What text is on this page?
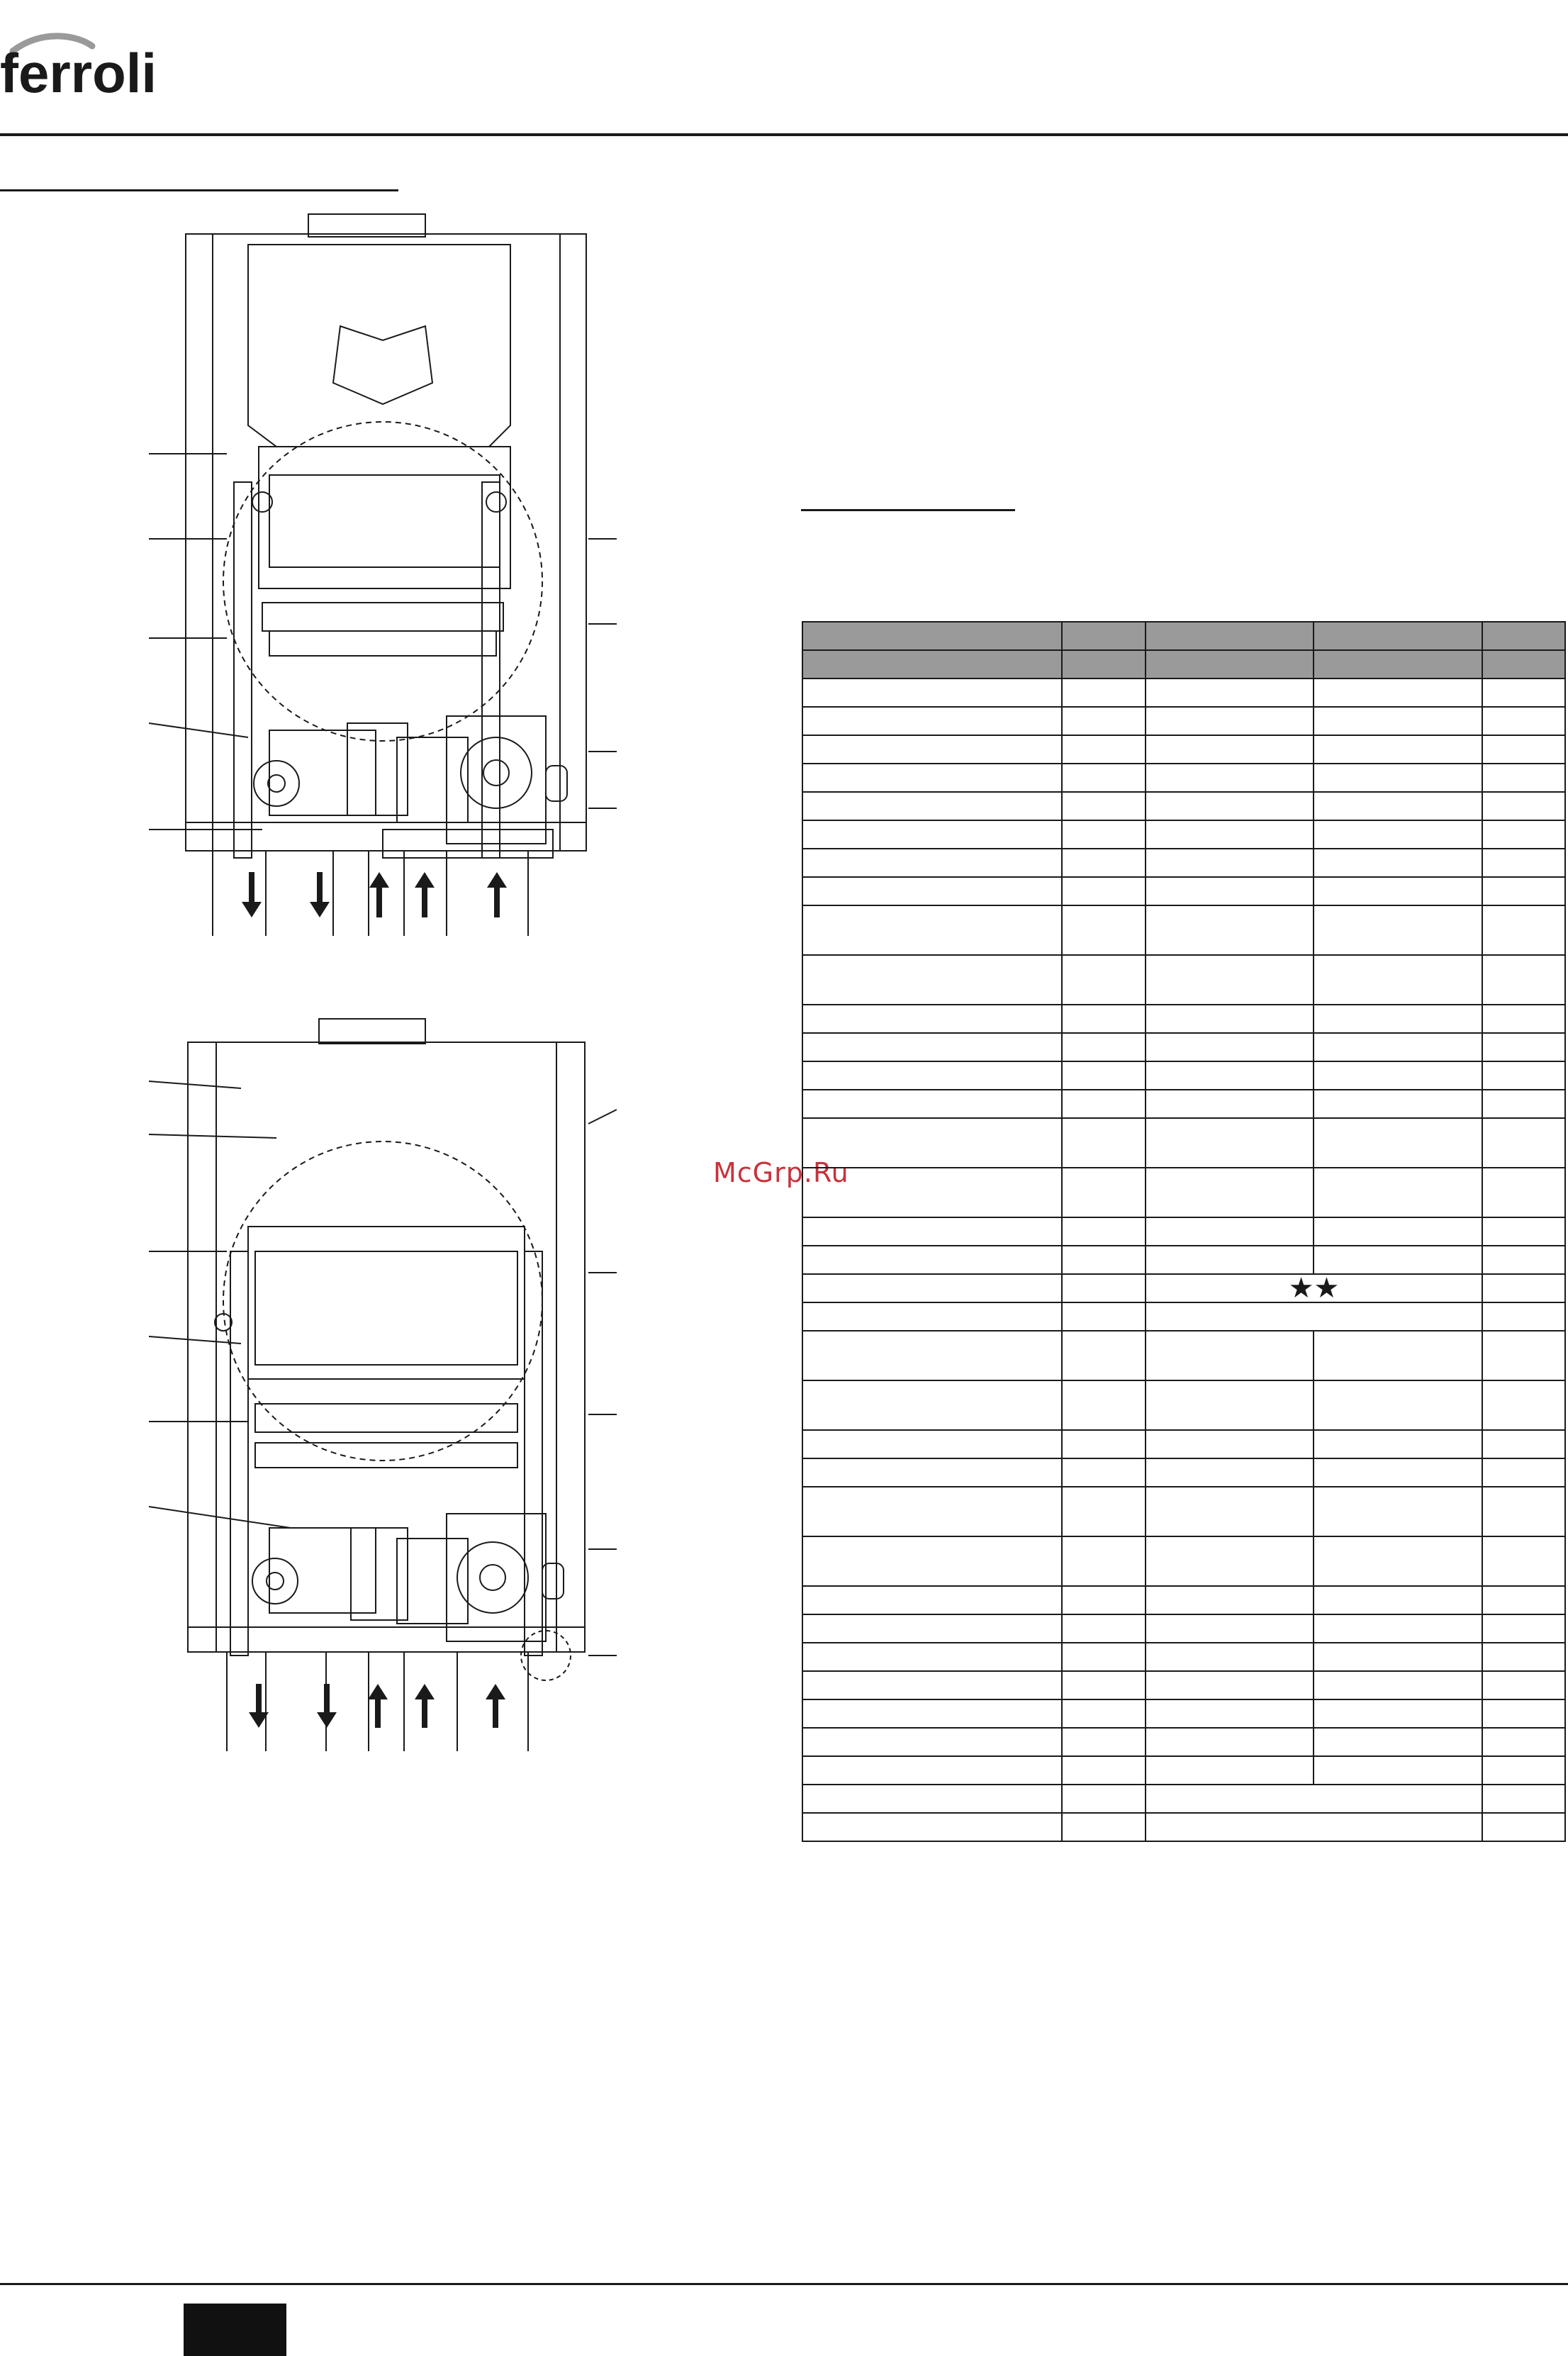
ferroli
McGrp.Ru

		★★		
